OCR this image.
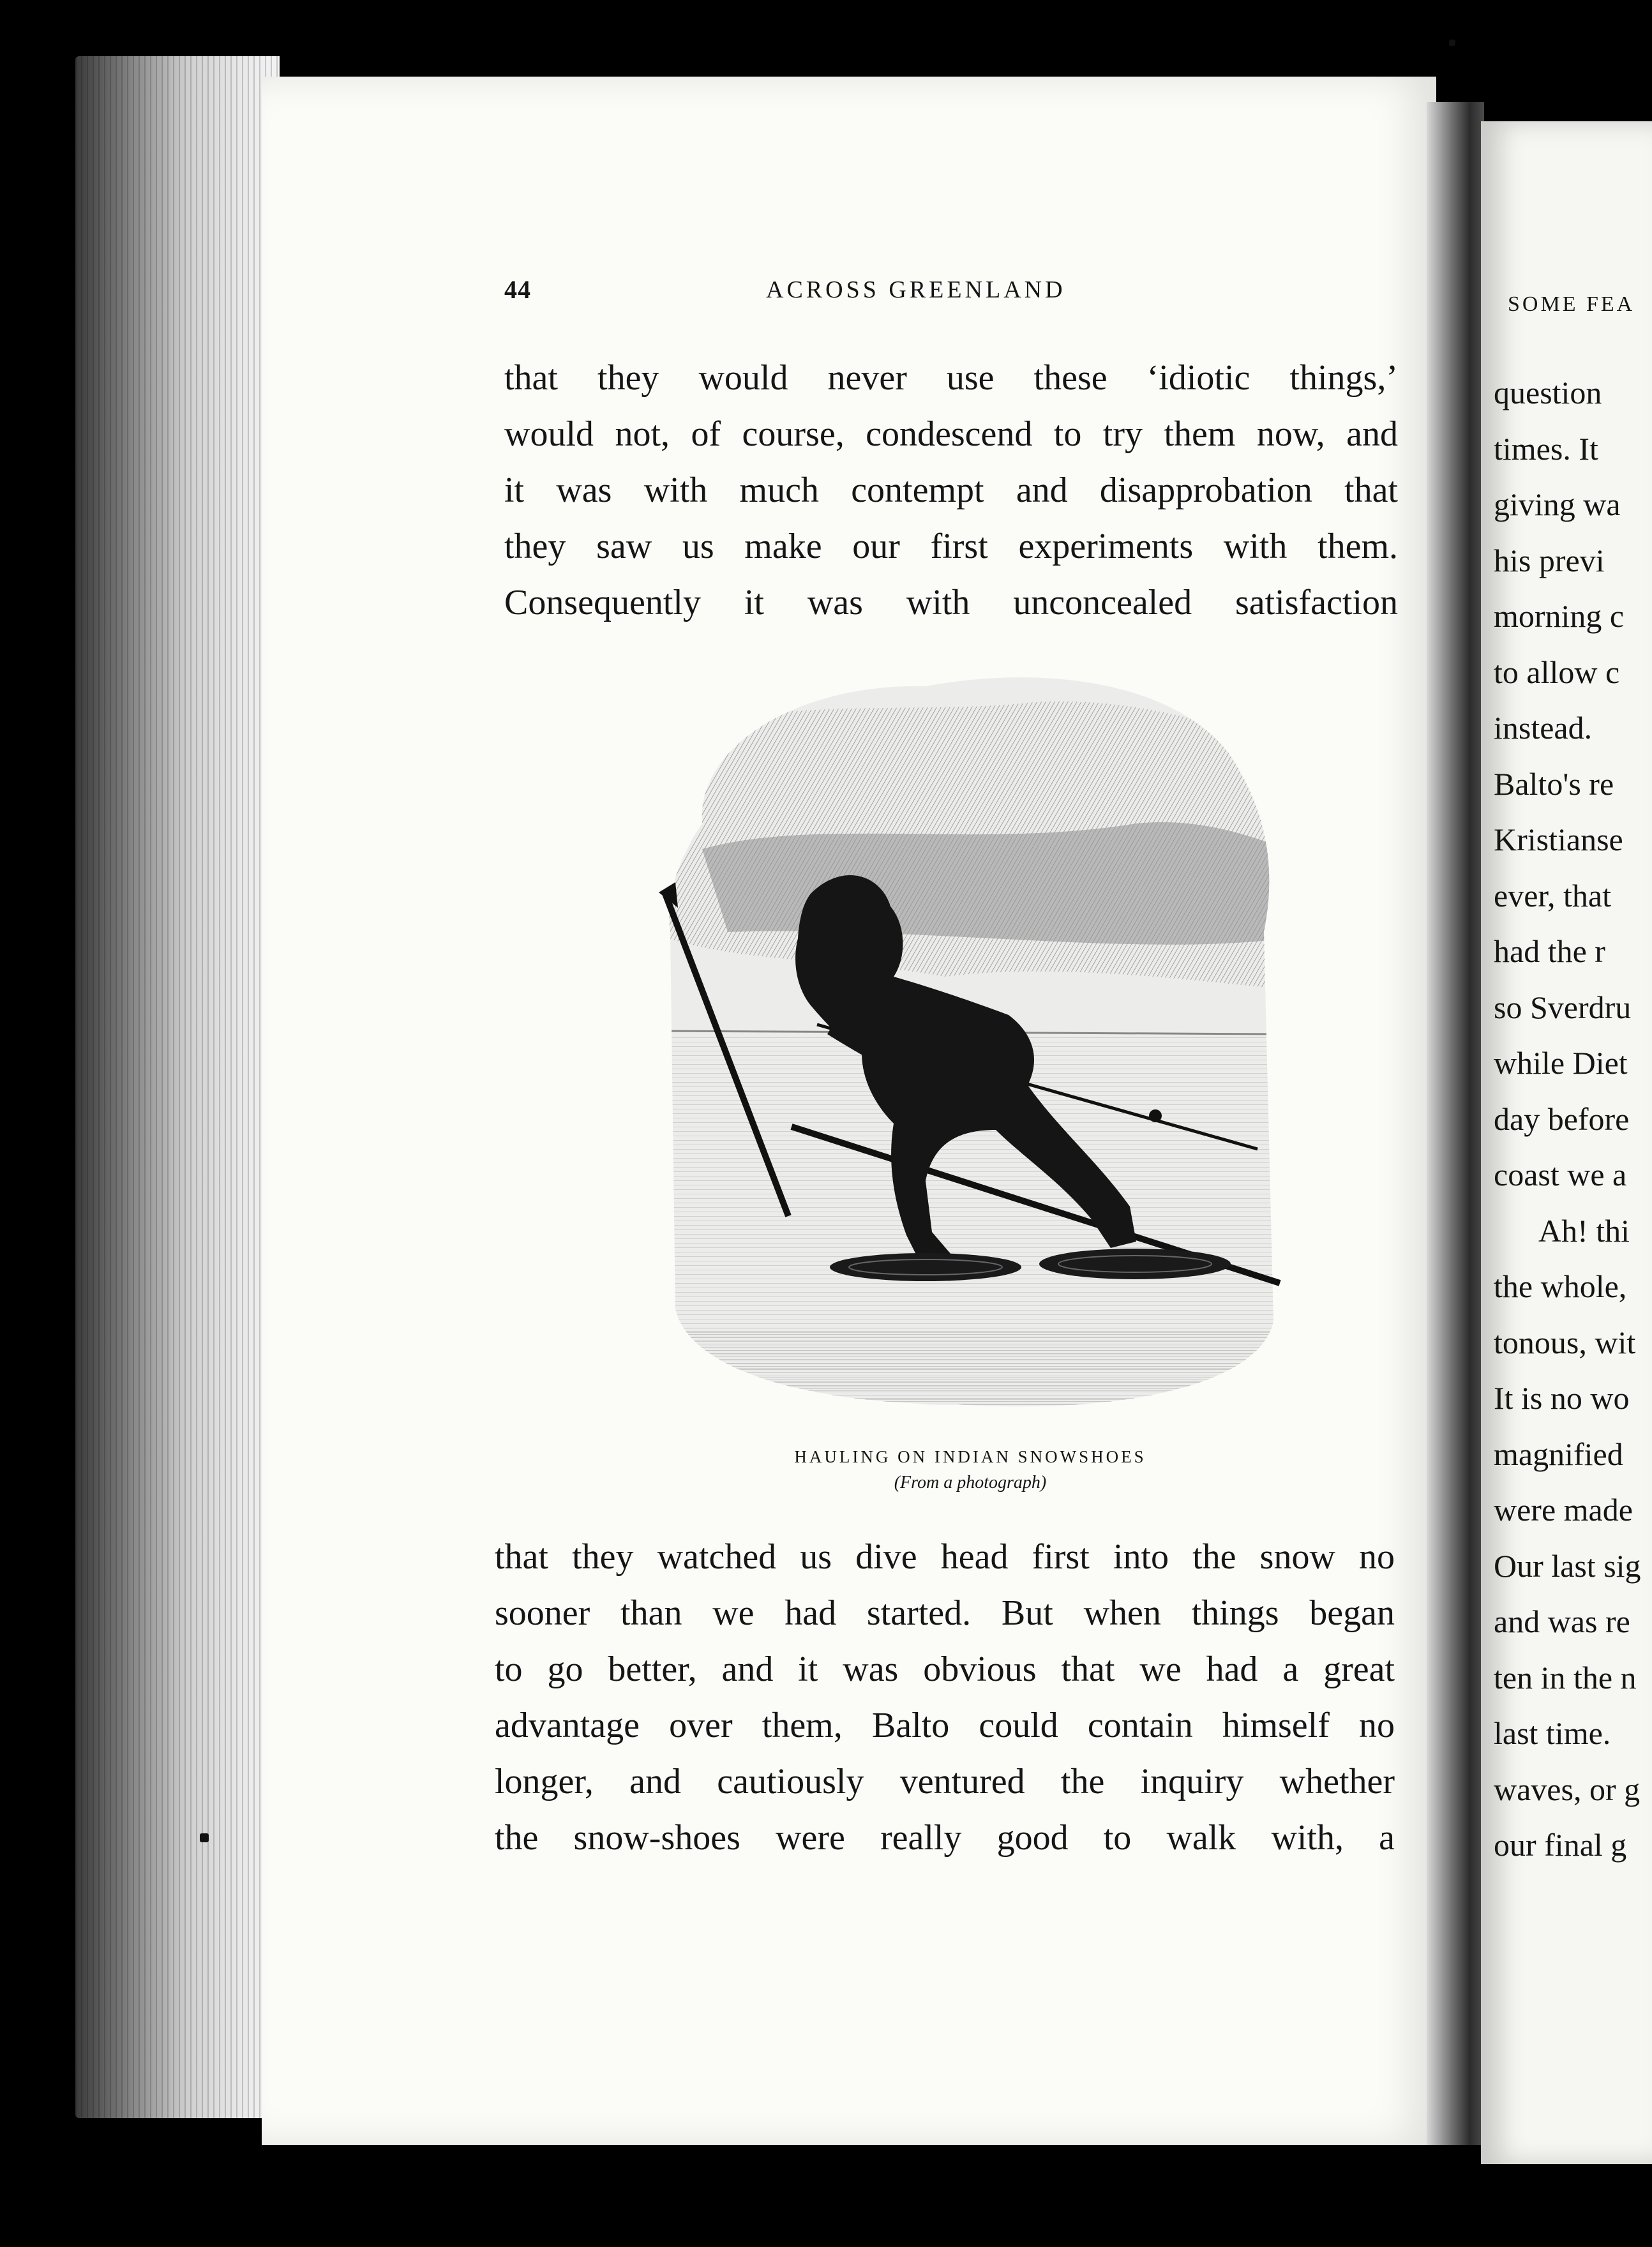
44	ACROSS GREENLAND
that they would never use these ‘idiotic things,’
would not, of course, condescend to try them now, and
it was with much contempt and disapprobation that
they saw us make our first experiments with them.
Consequently it was with unconcealed satisfaction
HAULING ON INDIAN SNOWSHOES
(From a photograph)
that they watched us dive head first into the snow no
sooner than we had started. But when things began
to go better, and it was obvious that we had a great
advantage over them, Balto could contain himself no
longer, and cautiously ventured the inquiry whether
the snow-shoes were really good to walk with, a
SOME FEA
question
times. It
giving wa
his previ
morning c
to allow c
instead.
Balto's re
Kristianse
ever, that
had the r
so Sverdru
while Diet
day before
coast we a
Ah! thi
the whole,
tonous, wit
It is no wo
magnified
were made
Our last sig
and was re
ten in the n
last time.
waves, or g
our final g
